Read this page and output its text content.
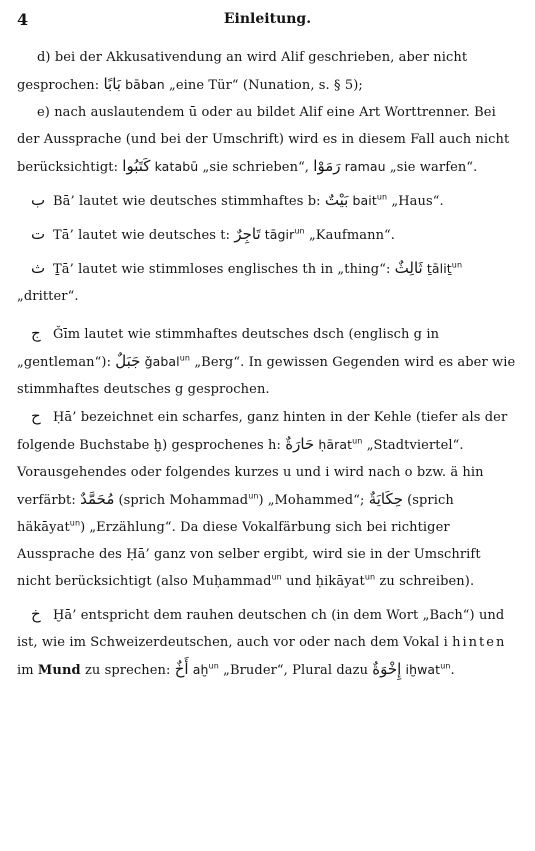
4	Einleitung.

d) bei der Akkusativendung an wird Alif geschrieben, aber nicht gesprochen: بَابًا bāban „eine Tür“ (Nunation, s. § 5);

e) nach auslautendem ū oder au bildet Alif eine Art Worttrenner. Bei der Aussprache (und bei der Umschrift) wird es in diesem Fall auch nicht berücksichtigt: كَتَبُوا katabū „sie schrieben“, رَمَوْا ramau „sie warfen“.

ب Bā’ lautet wie deutsches stimmhaftes b: بَيْتٌ bait$^{un}$ „Haus“.

ت Tā’ lautet wie deutsches t: تَاجِرٌ tāgir$^{un}$ „Kaufmann“.

ث Ṯā’ lautet wie stimmloses englisches th in „thing“: ثَالِثٌ ṯāliṯ$^{un}$ „dritter“.

ج Ǧīm lautet wie stimmhaftes deutsches dsch (englisch g in „gentleman“): جَبَلٌ ǧabal$^{un}$ „Berg“. In gewissen Gegenden wird es aber wie stimmhaftes deutsches g gesprochen.

ح Ḥā’ bezeichnet ein scharfes, ganz hinten in der Kehle (tiefer als der folgende Buchstabe ḫ) gesprochenes h: حَارَةٌ ḥārat$^{un}$ „Stadtviertel“. Vorausgehendes oder folgendes kurzes u und i wird nach o bzw. ä hin verfärbt: مُحَمَّدٌ (sprich Mohammad$^{un}$) „Mohammed“; حِكَايَةٌ (sprich häkāyat$^{un}$) „Erzählung“. Da diese Vokalfärbung sich bei richtiger Aussprache des Ḥā’ ganz von selber ergibt, wird sie in der Umschrift nicht berücksichtigt (also Muḥammad$^{un}$ und ḥikāyat$^{un}$ zu schreiben).

خ Ḫā’ entspricht dem rauhen deutschen ch (in dem Wort „Bach“) und ist, wie im Schweizerdeutschen, auch vor oder nach dem Vokal i hinten im Mund zu sprechen: أَخٌ aḫ$^{un}$ „Bruder“, Plural dazu إِخْوَةٌ iḫwat$^{un}$.
